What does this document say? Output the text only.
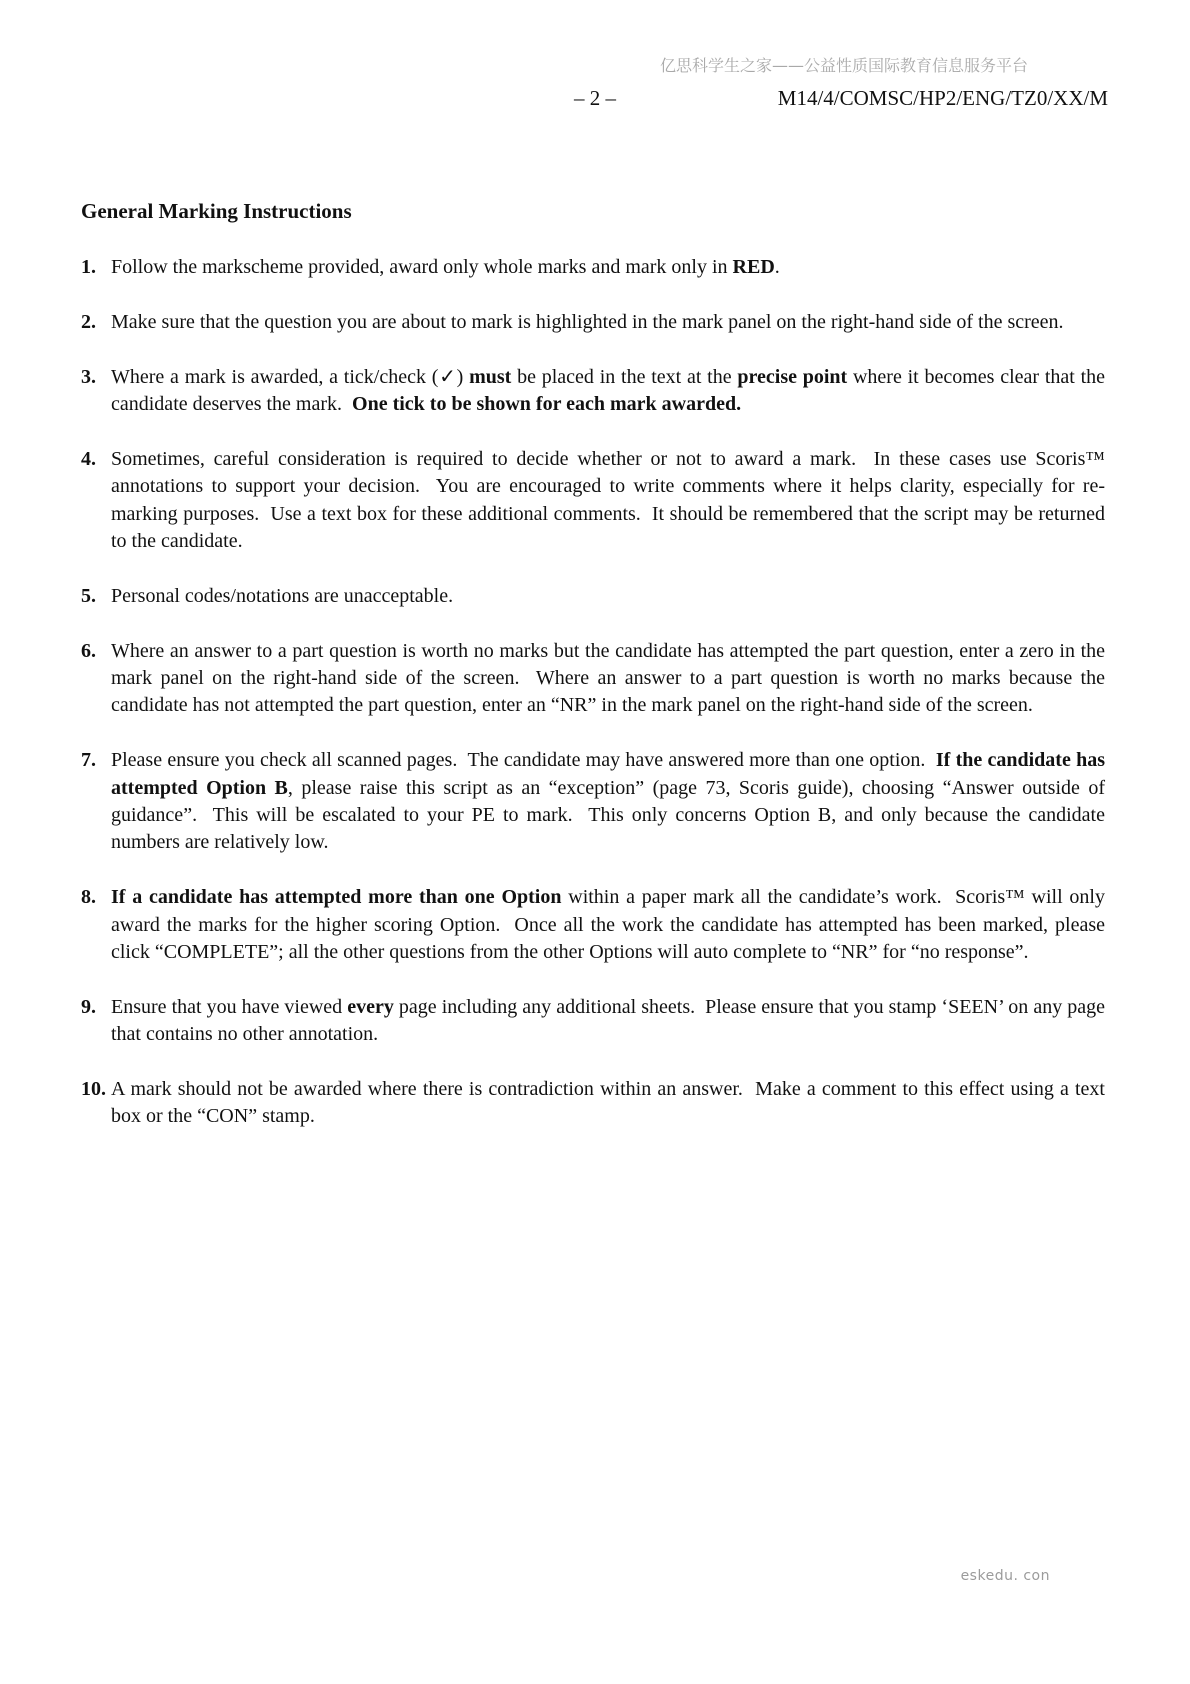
亿思科学生之家——公益性质国际教育信息服务平台
– 2 –	M14/4/COMSC/HP2/ENG/TZ0/XX/M
General Marking Instructions
1. Follow the markscheme provided, award only whole marks and mark only in RED.
2. Make sure that the question you are about to mark is highlighted in the mark panel on the right-hand side of the screen.
3. Where a mark is awarded, a tick/check (✓) must be placed in the text at the precise point where it becomes clear that the candidate deserves the mark.  One tick to be shown for each mark awarded.
4. Sometimes, careful consideration is required to decide whether or not to award a mark.  In these cases use Scoris™ annotations to support your decision.  You are encouraged to write comments where it helps clarity, especially for re-marking purposes.  Use a text box for these additional comments.  It should be remembered that the script may be returned to the candidate.
5. Personal codes/notations are unacceptable.
6. Where an answer to a part question is worth no marks but the candidate has attempted the part question, enter a zero in the mark panel on the right-hand side of the screen.  Where an answer to a part question is worth no marks because the candidate has not attempted the part question, enter an “NR” in the mark panel on the right-hand side of the screen.
7. Please ensure you check all scanned pages.  The candidate may have answered more than one option.  If the candidate has attempted Option B, please raise this script as an “exception” (page 73, Scoris guide), choosing “Answer outside of guidance”.  This will be escalated to your PE to mark.  This only concerns Option B, and only because the candidate numbers are relatively low.
8. If a candidate has attempted more than one Option within a paper mark all the candidate’s work.  Scoris™ will only award the marks for the higher scoring Option.  Once all the work the candidate has attempted has been marked, please click “COMPLETE”; all the other questions from the other Options will auto complete to “NR” for “no response”.
9. Ensure that you have viewed every page including any additional sheets.  Please ensure that you stamp ‘SEEN’ on any page that contains no other annotation.
10. A mark should not be awarded where there is contradiction within an answer.  Make a comment to this effect using a text box or the “CON” stamp.
eskedu. con
